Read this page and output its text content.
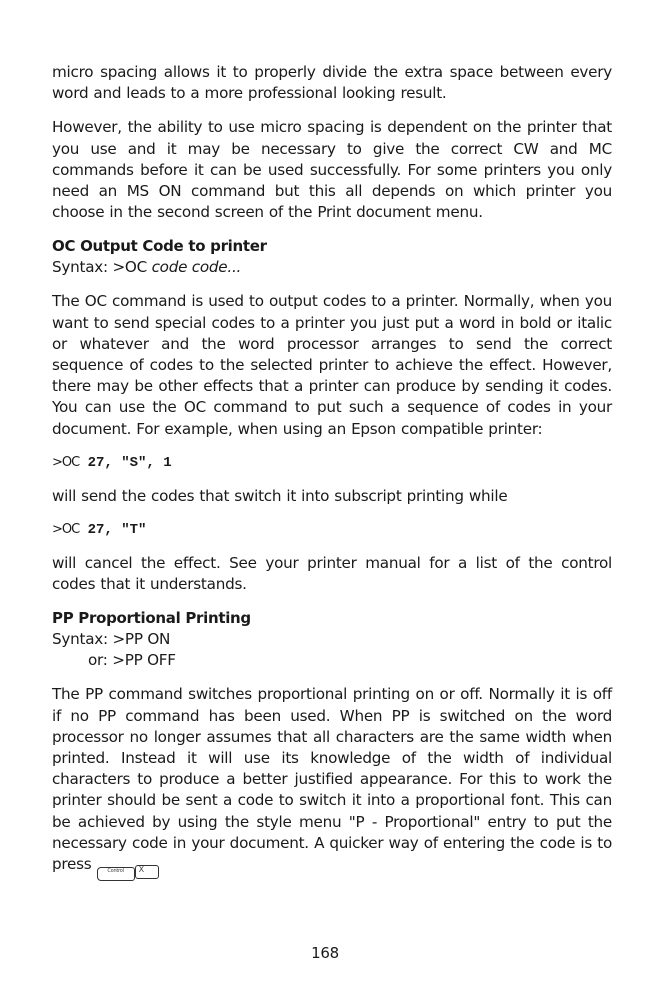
micro spacing allows it to properly divide the extra space between every word and leads to a more professional looking result.

However, the ability to use micro spacing is dependent on the printer that you use and it may be necessary to give the correct CW and MC commands before it can be used successfully. For some printers you only need an MS ON command but this all depends on which printer you choose in the second screen of the Print document menu.

OC Output Code to printer
Syntax: >OC code code...

The OC command is used to output codes to a printer. Normally, when you want to send special codes to a printer you just put a word in bold or italic or whatever and the word processor arranges to send the correct sequence of codes to the selected printer to achieve the effect. However, there may be other effects that a printer can produce by sending it codes. You can use the OC command to put such a sequence of codes in your document. For example, when using an Epson compatible printer:

>OC 27, "S", 1

will send the codes that switch it into subscript printing while

>OC 27, "T"

will cancel the effect. See your printer manual for a list of the control codes that it understands.

PP Proportional Printing
Syntax: >PP ON
or: >PP OFF

The PP command switches proportional printing on or off. Normally it is off if no PP command has been used. When PP is switched on the word processor no longer assumes that all characters are the same width when printed. Instead it will use its knowledge of the width of individual characters to produce a better justified appearance. For this to work the printer should be sent a code to switch it into a proportional font. This can be achieved by using the style menu "P - Proportional" entry to put the necessary code in your document. A quicker way of entering the code is to press	Control X

168
